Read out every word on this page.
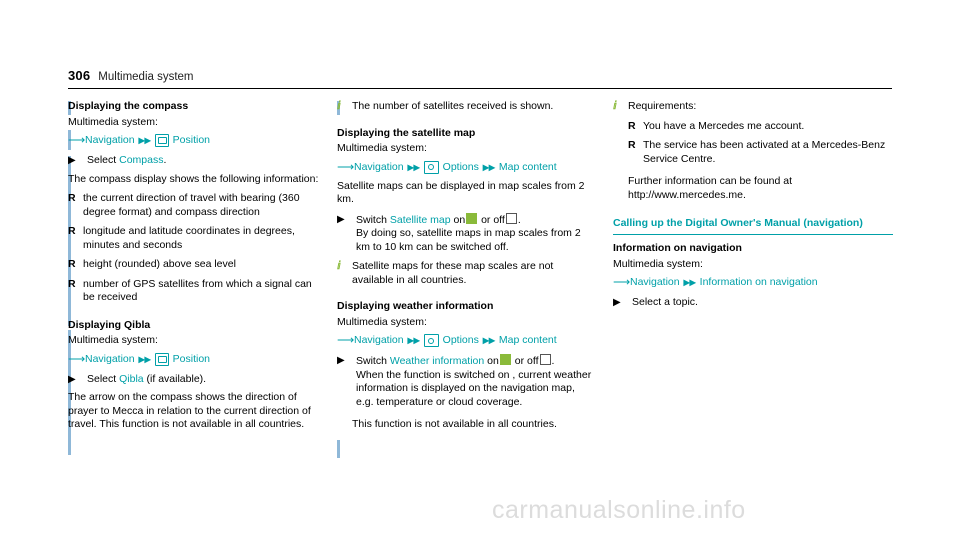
306 Multimedia system
Displaying the compass

Multimedia system:

⟶ Navigation ▸▸ Position
▶ Select Compass.

The compass display shows the following information:

R the current direction of travel with bearing (360 degree format) and compass direction
R longitude and latitude coordinates in degrees, minutes and seconds
R height (rounded) above sea level
R number of GPS satellites from which a signal can be received
Displaying Qibla

Multimedia system:

⟶ Navigation ▸▸ Position
▶ Select Qibla (if available).

The arrow on the compass shows the direction of prayer to Mecca in relation to the current direction of travel. This function is not available in all countries.

ⅈ	The number of satellites received is shown.
Displaying the satellite map

Multimedia system:

⟶ Navigation ▸▸ Options ▸▸ Map content

Satellite maps can be displayed in map scales from 2 km.

▶ Switch Satellite map on or off .
By doing so, satellite maps in map scales from 2 km to 10 km can be switched off.
ⅈ	Satellite maps for these map scales are not available in all countries.
Displaying weather information

Multimedia system:

⟶ Navigation ▸▸ Options ▸▸ Map content
▶ Switch Weather information on or off .
When the function is switched on , current weather information is displayed on the navigation map, e.g. temperature or cloud coverage.

This function is not available in all countries.

ⅈ	Requirements:
R You have a Mercedes me account.
R The service has been activated at a Mercedes-Benz Service Centre.

Further information can be found at http://www.mercedes.me.

Calling up the Digital Owner's Manual (navigation)
Information on navigation

Multimedia system:

⟶ Navigation ▸▸ Information on navigation
▶ Select a topic.
carmanualsonline.info
